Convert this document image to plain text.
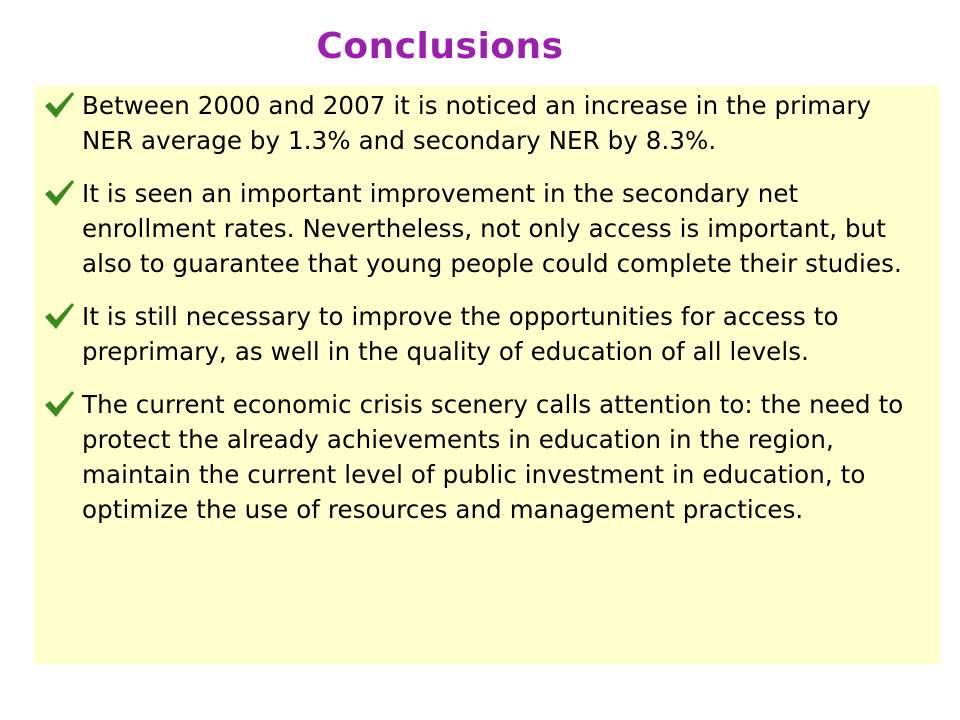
Conclusions
Between 2000 and 2007 it is noticed an increase in the primary NER average by 1.3% and secondary NER by 8.3%.
It is seen an important improvement in the secondary net enrollment rates. Nevertheless, not only access is important, but also to guarantee that young people could complete their studies.
It is still necessary to improve the opportunities for access to preprimary, as well in the quality of education of all levels.
The current economic crisis scenery calls attention to: the need to protect the already achievements in education in the region, maintain the current level of public investment in education, to optimize the use of resources and management practices.
